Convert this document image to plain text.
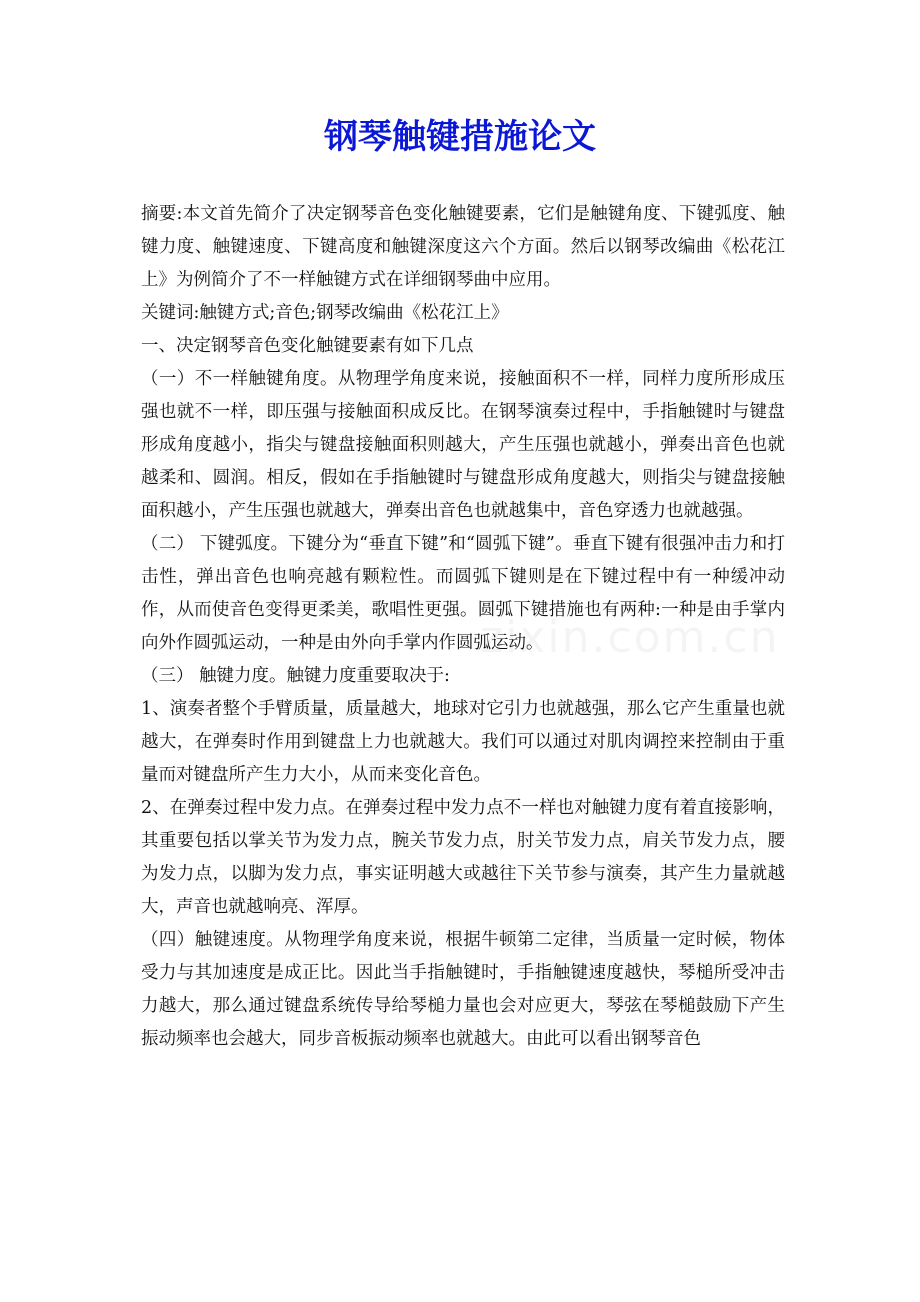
钢琴触键措施论文

摘要:本文首先简介了决定钢琴音色变化触键要素，它们是触键角度、下键弧度、触键力度、触键速度、下键高度和触键深度这六个方面。然后以钢琴改编曲《松花江上》为例简介了不一样触键方式在详细钢琴曲中应用。

关键词:触键方式;音色;钢琴改编曲《松花江上》

一、决定钢琴音色变化触键要素有如下几点

（一）不一样触键角度。从物理学角度来说，接触面积不一样，同样力度所形成压强也就不一样，即压强与接触面积成反比。在钢琴演奏过程中，手指触键时与键盘形成角度越小，指尖与键盘接触面积则越大，产生压强也就越小，弹奏出音色也就越柔和、圆润。相反，假如在手指触键时与键盘形成角度越大，则指尖与键盘接触面积越小，产生压强也就越大，弹奏出音色也就越集中，音色穿透力也就越强。

（二） 下键弧度。下键分为“垂直下键”和“圆弧下键”。垂直下键有很强冲击力和打击性，弹出音色也响亮越有颗粒性。而圆弧下键则是在下键过程中有一种缓冲动作，从而使音色变得更柔美，歌唱性更强。圆弧下键措施也有两种:一种是由手掌内向外作圆弧运动，一种是由外向手掌内作圆弧运动。

（三） 触键力度。触键力度重要取决于:

1、演奏者整个手臂质量，质量越大，地球对它引力也就越强，那么它产生重量也就越大，在弹奏时作用到键盘上力也就越大。我们可以通过对肌肉调控来控制由于重量而对键盘所产生力大小，从而来变化音色。

2、在弹奏过程中发力点。在弹奏过程中发力点不一样也对触键力度有着直接影响，其重要包括以掌关节为发力点，腕关节发力点，肘关节发力点，肩关节发力点，腰为发力点，以脚为发力点，事实证明越大或越往下关节参与演奏，其产生力量就越大，声音也就越响亮、浑厚。

（四）触键速度。从物理学角度来说，根据牛顿第二定律，当质量一定时候，物体受力与其加速度是成正比。因此当手指触键时，手指触键速度越快，琴槌所受冲击力越大，那么通过键盘系统传导给琴槌力量也会对应更大，琴弦在琴槌鼓励下产生振动频率也会越大，同步音板振动频率也就越大。由此可以看出钢琴音色
